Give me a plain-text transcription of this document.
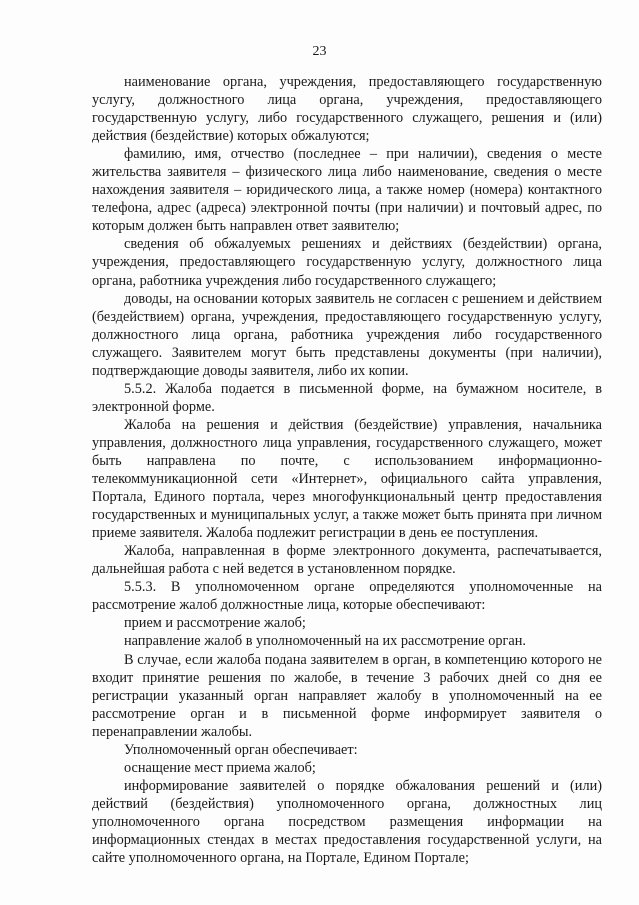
23

наименование органа, учреждения, предоставляющего государственную услугу, должностного лица органа, учреждения, предоставляющего государственную услугу, либо государственного служащего, решения и (или) действия (бездействие) которых обжалуются;

фамилию, имя, отчество (последнее – при наличии), сведения о месте жительства заявителя – физического лица либо наименование, сведения о месте нахождения заявителя – юридического лица, а также номер (номера) контактного телефона, адрес (адреса) электронной почты (при наличии) и почтовый адрес, по которым должен быть направлен ответ заявителю;

сведения об обжалуемых решениях и действиях (бездействии) органа, учреждения, предоставляющего государственную услугу, должностного лица органа, работника учреждения либо государственного служащего;

доводы, на основании которых заявитель не согласен с решением и действием (бездействием) органа, учреждения, предоставляющего государственную услугу, должностного лица органа, работника учреждения либо государственного служащего. Заявителем могут быть представлены документы (при наличии), подтверждающие доводы заявителя, либо их копии.

5.5.2. Жалоба подается в письменной форме, на бумажном носителе, в электронной форме.

Жалоба на решения и действия (бездействие) управления, начальника управления, должностного лица управления, государственного служащего, может быть направлена по почте, с использованием информационно-телекоммуникационной сети «Интернет», официального сайта управления, Портала, Единого портала, через многофункциональный центр предоставления государственных и муниципальных услуг, а также может быть принята при личном приеме заявителя. Жалоба подлежит регистрации в день ее поступления.

Жалоба, направленная в форме электронного документа, распечатывается, дальнейшая работа с ней ведется в установленном порядке.

5.5.3. В уполномоченном органе определяются уполномоченные на рассмотрение жалоб должностные лица, которые обеспечивают:

прием и рассмотрение жалоб;

направление жалоб в уполномоченный на их рассмотрение орган.

В случае, если жалоба подана заявителем в орган, в компетенцию которого не входит принятие решения по жалобе, в течение 3 рабочих дней со дня ее регистрации указанный орган направляет жалобу в уполномоченный на ее рассмотрение орган и в письменной форме информирует заявителя о перенаправлении жалобы.

Уполномоченный орган обеспечивает:

оснащение мест приема жалоб;

информирование заявителей о порядке обжалования решений и (или) действий (бездействия) уполномоченного органа, должностных лиц уполномоченного органа посредством размещения информации на информационных стендах в местах предоставления государственной услуги, на сайте уполномоченного органа, на Портале, Едином Портале;
